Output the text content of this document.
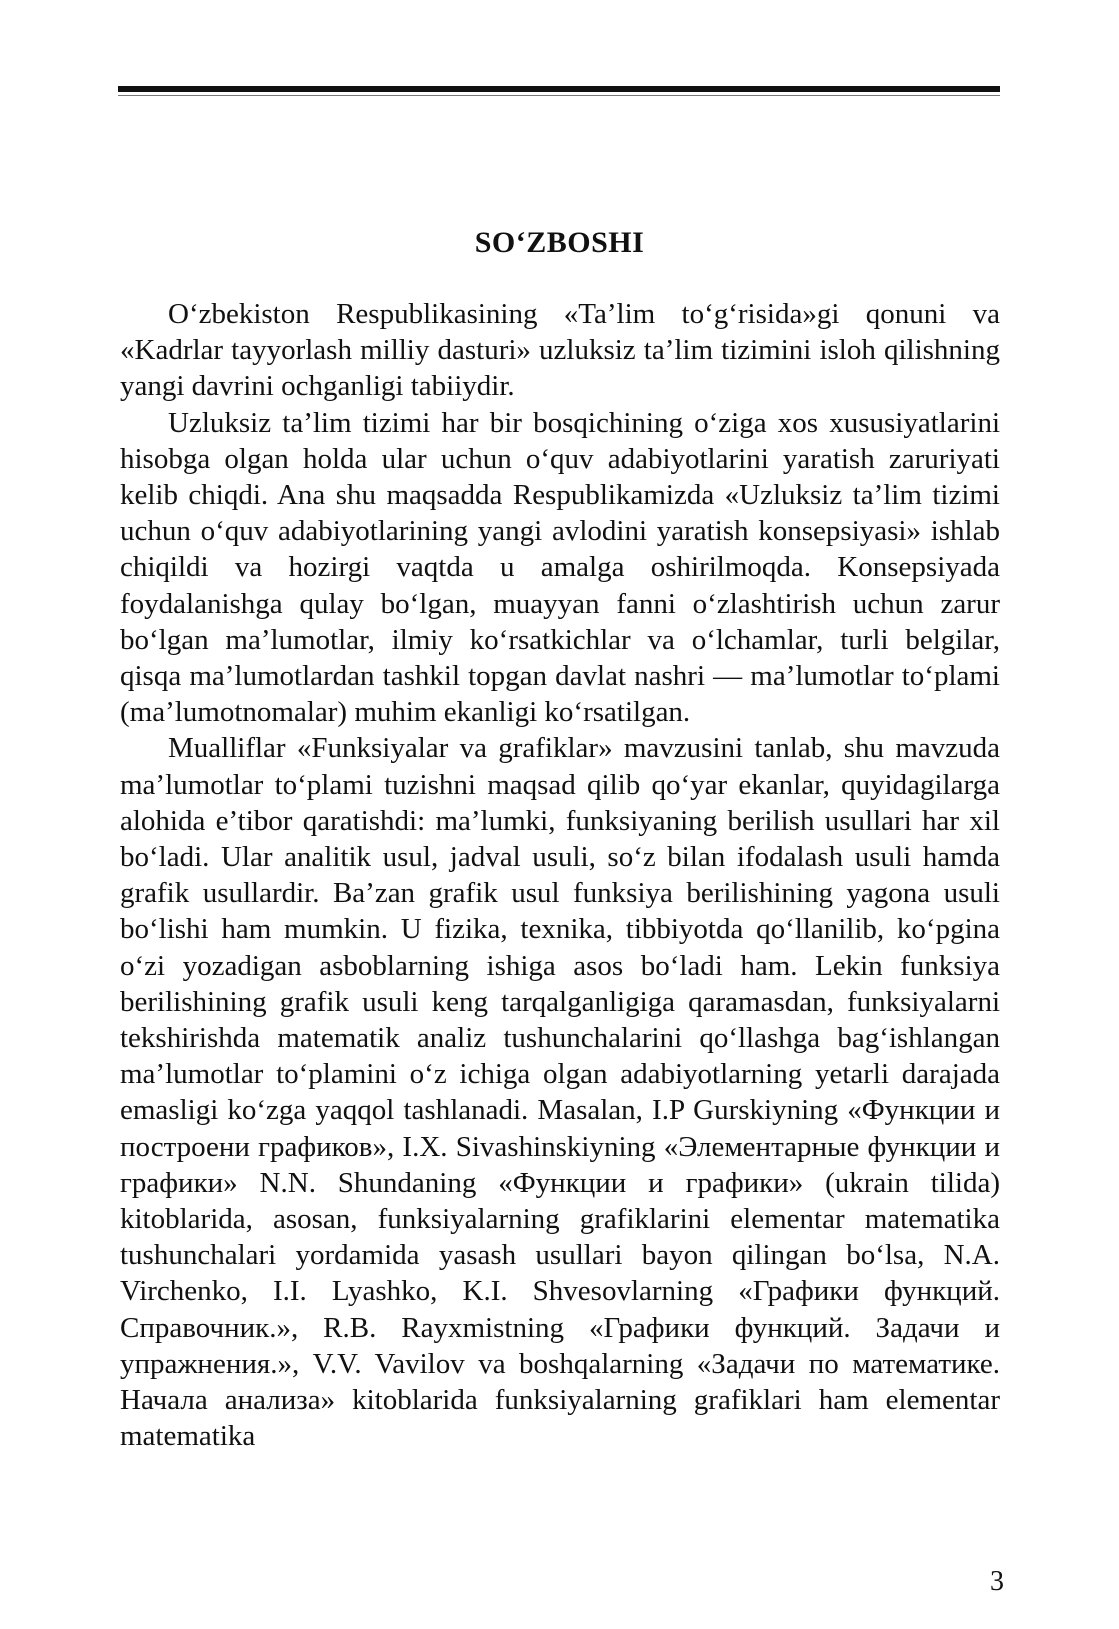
SO‘ZBOSHI

O‘zbekiston Respublikasining «Ta’lim to‘g‘risida»gi qonuni va «Kadrlar tayyorlash milliy dasturi» uzluksiz ta’lim tizimini isloh qilishning yangi davrini ochganligi tabiiydir.

Uzluksiz ta’lim tizimi har bir bosqichining o‘ziga xos xususiyatlarini hisobga olgan holda ular uchun o‘quv adabiyotlarini yaratish zaruriyati kelib chiqdi. Ana shu maqsadda Respublikamizda «Uzluksiz ta’lim tizimi uchun o‘quv adabiyotlarining yangi avlodini yaratish konsepsiyasi» ishlab chiqildi va hozirgi vaqtda u amalga oshirilmoqda. Konsepsiyada foydalanishga qulay bo‘lgan, muayyan fanni o‘zlashtirish uchun zarur bo‘lgan ma’lumotlar, ilmiy ko‘rsatkichlar va o‘lchamlar, turli belgilar, qisqa ma’lumotlardan tashkil topgan davlat nashri — ma’lumotlar to‘plami (ma’lumotnomalar) muhim ekanligi ko‘rsatilgan.

Mualliflar «Funksiyalar va grafiklar» mavzusini tanlab, shu mavzuda ma’lumotlar to‘plami tuzishni maqsad qilib qo‘yar ekanlar, quyidagilarga alohida e’tibor qaratishdi: ma’lumki, funksiyaning berilish usullari har xil bo‘ladi. Ular analitik usul, jadval usuli, so‘z bilan ifodalash usuli hamda grafik usullardir. Ba’zan grafik usul funksiya berilishining yagona usuli bo‘lishi ham mumkin. U fizika, texnika, tibbiyotda qo‘llanilib, ko‘pgina o‘zi yozadigan asboblarning ishiga asos bo‘ladi ham. Lekin funksiya berilishining grafik usuli keng tarqalganligiga qaramasdan, funksiyalarni tekshirishda matematik analiz tushunchalarini qo‘llashga bag‘ishlangan ma’lumotlar to‘plamini o‘z ichiga olgan adabiyotlarning yetarli darajada emasligi ko‘zga yaqqol tashlanadi. Masalan, I.P Gurskiyning «Функции и построени графиков», I.X. Sivashinskiyning «Элементарные функции и графики» N.N. Shundaning «Функции и графики» (ukrain tilida) kitoblarida, asosan, funksiyalarning grafiklarini elementar matematika tushunchalari yordamida yasash usullari bayon qilingan bo‘lsa, N.A. Virchenko, I.I. Lyashko, K.I. Shvesovlarning «Графики функций. Справочник.», R.B. Rayxmistning «Графики функций. Задачи и упражнения.», V.V. Vavilov va boshqalarning «Задачи по математике. Начала анализа» kitoblarida funksiyalarning grafiklari ham elementar matematika

3
